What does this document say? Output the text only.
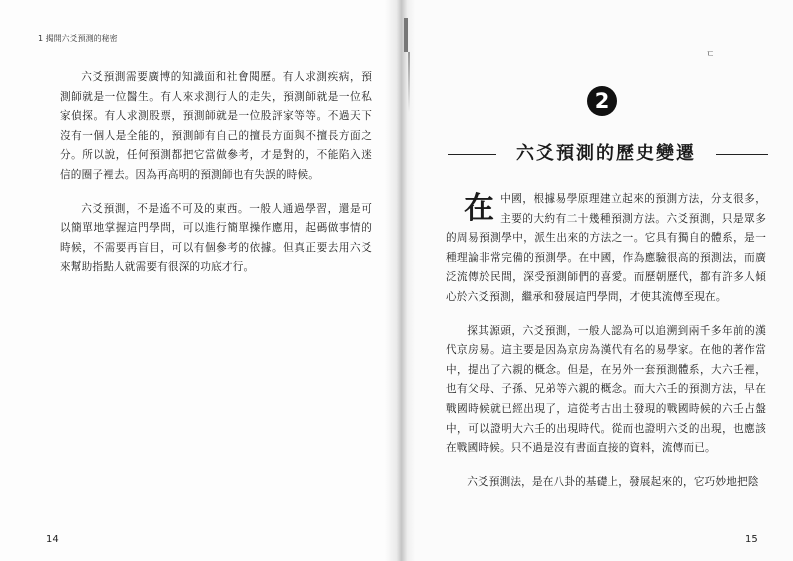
1 揭開六爻預測的秘密

六爻預測需要廣博的知識面和社會閱歷。有人求測疾病，預測師就是一位醫生。有人來求測行人的走失，預測師就是一位私家偵探。有人求測股票，預測師就是一位股評家等等。不過天下沒有一個人是全能的，預測師有自己的擅長方面與不擅長方面之分。所以說，任何預測都把它當做參考，才是對的，不能陷入迷信的圈子裡去。因為再高明的預測師也有失誤的時候。

六爻預測，不是遙不可及的東西。一般人通過學習，還是可以簡單地掌握這門學問，可以進行簡單操作應用，起碼做事情的時候，不需要再盲目，可以有個參考的依據。但真正要去用六爻來幫助指點人就需要有很深的功底才行。

14
ㄷ
2
六爻預測的歷史變遷

在中國，根據易學原理建立起來的預測方法，分支很多，主要的大約有二十幾種預測方法。六爻預測，只是眾多的周易預測學中，派生出來的方法之一。它具有獨自的體系，是一種理論非常完備的預測學。在中國，作為應驗很高的預測法，而廣泛流傳於民間，深受預測師們的喜愛。而歷朝歷代，都有許多人傾心於六爻預測，繼承和發展這門學問，才使其流傳至現在。

探其源頭，六爻預測，一般人認為可以追溯到兩千多年前的漢代京房易。這主要是因為京房為漢代有名的易學家。在他的著作當中，提出了六親的概念。但是，在另外一套預測體系，大六壬裡，也有父母、子孫、兄弟等六親的概念。而大六壬的預測方法，早在戰國時候就已經出現了，這從考古出土發現的戰國時候的六壬占盤中，可以證明大六壬的出現時代。從而也證明六爻的出現，也應該在戰國時候。只不過是沒有書面直接的資料，流傳而已。

六爻預測法，是在八卦的基礎上，發展起來的，它巧妙地把陰

15
